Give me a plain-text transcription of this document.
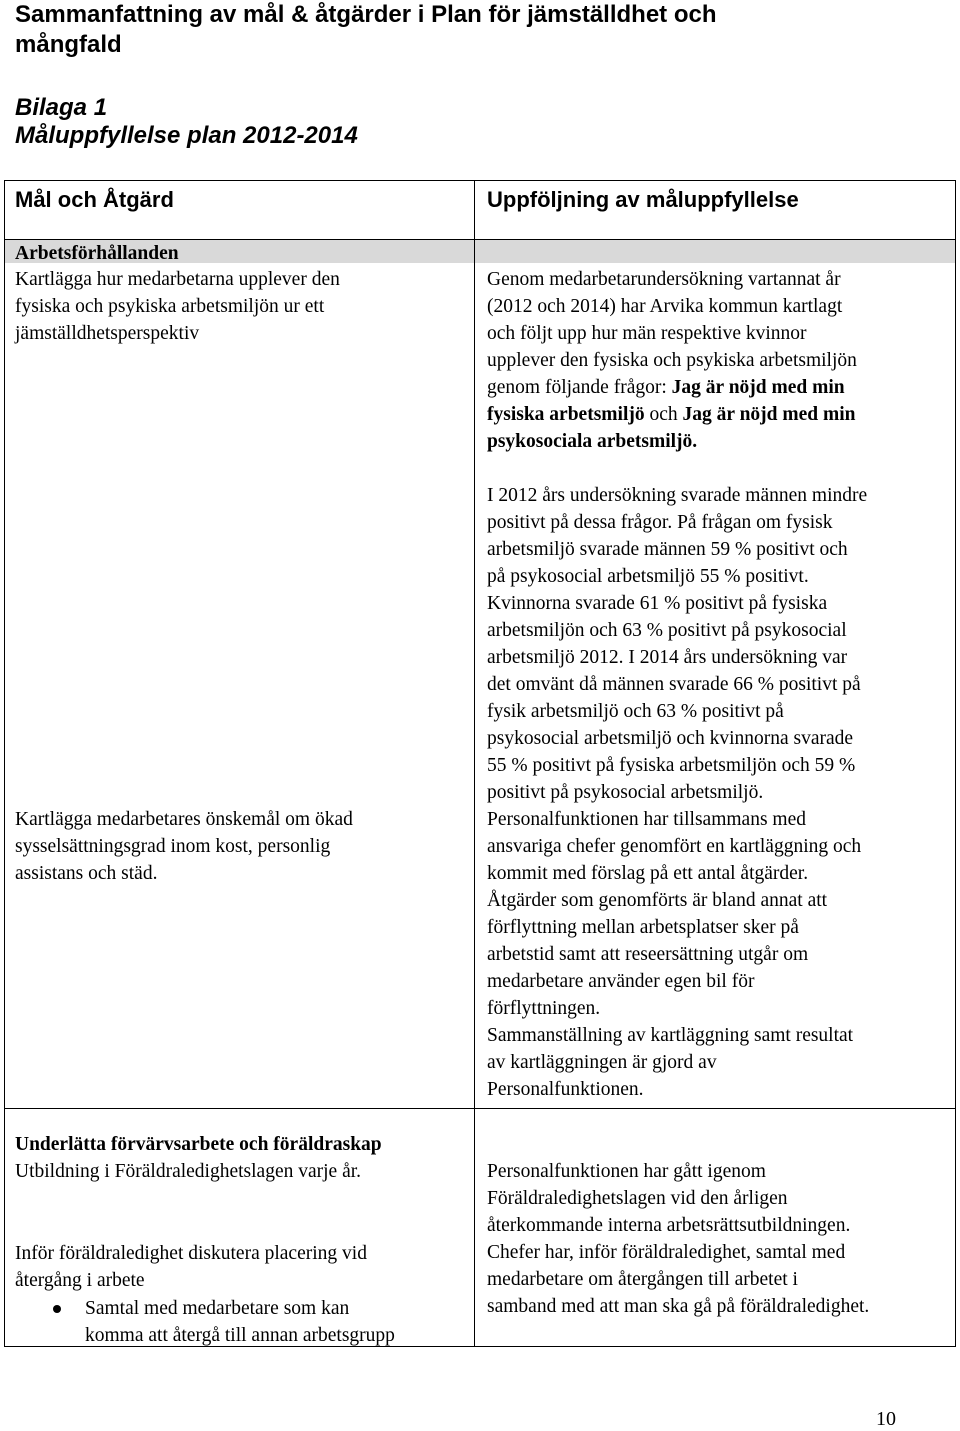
Sammanfattning av mål & åtgärder i Plan för jämställdhet och
mångfald
Bilaga 1
Måluppfyllelse plan 2012-2014
Mål och Åtgärd	Uppföljning av måluppfyllelse
Arbetsförhållanden
Kartlägga hur medarbetarna upplever den
fysiska och psykiska arbetsmiljön ur ett
jämställdhetsperspektiv
Genom medarbetarundersökning vartannat år
(2012 och 2014) har Arvika kommun kartlagt
och följt upp hur män respektive kvinnor
upplever den fysiska och psykiska arbetsmiljön
genom följande frågor: Jag är nöjd med min
fysiska arbetsmiljö och Jag är nöjd med min
psykosociala arbetsmiljö.
I 2012 års undersökning svarade männen mindre
positivt på dessa frågor. På frågan om fysisk
arbetsmiljö svarade männen 59 % positivt och
på psykosocial arbetsmiljö 55 % positivt.
Kvinnorna svarade 61 % positivt på fysiska
arbetsmiljön och 63 % positivt på psykosocial
arbetsmiljö 2012. I 2014 års undersökning var
det omvänt då männen svarade 66 % positivt på
fysik arbetsmiljö och 63 % positivt på
psykosocial arbetsmiljö och kvinnorna svarade
55 % positivt på fysiska arbetsmiljön och 59 %
positivt på psykosocial arbetsmiljö.
Kartlägga medarbetares önskemål om ökad
sysselsättningsgrad inom kost, personlig
assistans och städ.
Personalfunktionen har tillsammans med
ansvariga chefer genomfört en kartläggning och
kommit med förslag på ett antal åtgärder.
Åtgärder som genomförts är bland annat att
förflyttning mellan arbetsplatser sker på
arbetstid samt att reseersättning utgår om
medarbetare använder egen bil för
förflyttningen.
Sammanställning av kartläggning samt resultat
av kartläggningen är gjord av
Personalfunktionen.
Underlätta förvärvsarbete och föräldraskap
Utbildning i Föräldraledighetslagen varje år.
Inför föräldraledighet diskutera placering vid
återgång i arbete
Samtal med medarbetare som kan
komma att återgå till annan arbetsgrupp
Personalfunktionen har gått igenom
Föräldraledighetslagen vid den årligen
återkommande interna arbetsrättsutbildningen.
Chefer har, inför föräldraledighet, samtal med
medarbetare om återgången till arbetet i
samband med att man ska gå på föräldraledighet.
10
